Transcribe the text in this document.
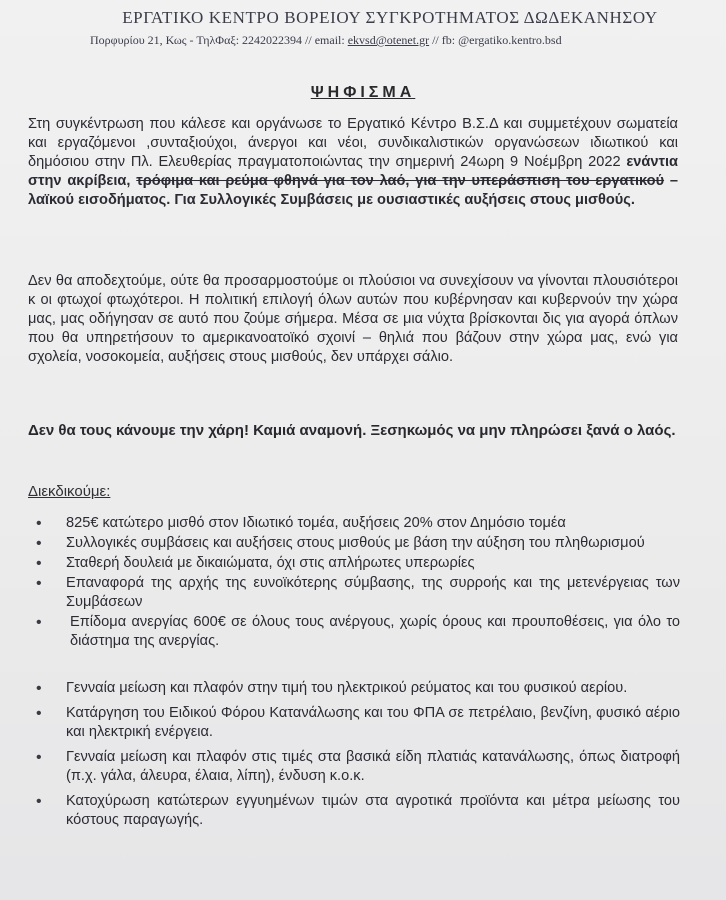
ΕΡΓΑΤΙΚΟ ΚΕΝΤΡΟ ΒΟΡΕΙΟΥ ΣΥΓΚΡΟΤΗΜΑΤΟΣ ΔΩΔΕΚΑΝΗΣΟΥ
Πορφυρίου 21, Κως - ΤηλΦαξ: 2242022394 // email: ekvsd@otenet.gr // fb: @ergatiko.kentro.bsd
ΨΗΦΙΣΜΑ
Στη συγκέντρωση που κάλεσε και οργάνωσε το Εργατικό Κέντρο Β.Σ.Δ και συμμετέχουν σωματεία και εργαζόμενοι ,συνταξιούχοι, άνεργοι και νέοι, συνδικαλιστικών οργανώσεων ιδιωτικού και δημόσιου στην Πλ. Ελευθερίας πραγματοποιώντας την σημερινή 24ωρη 9 Νοέμβρη 2022 ενάντια στην ακρίβεια, τρόφιμα και ρεύμα φθηνά για τον λαό, για την υπεράσπιση του εργατικού – λαϊκού εισοδήματος. Για Συλλογικές Συμβάσεις με ουσιαστικές αυξήσεις στους μισθούς.
Δεν θα αποδεχτούμε, ούτε θα προσαρμοστούμε οι πλούσιοι να συνεχίσουν να γίνονται πλουσιότεροι κ οι φτωχοί φτωχότεροι. Η πολιτική επιλογή όλων αυτών που κυβέρνησαν και κυβερνούν την χώρα μας, μας οδήγησαν σε αυτό που ζούμε σήμερα. Μέσα σε μια νύχτα βρίσκονται δις για αγορά όπλων που θα υπηρετήσουν το αμερικανοατοϊκό σχοινί – θηλιά που βάζουν στην χώρα μας, ενώ για σχολεία, νοσοκομεία, αυξήσεις στους μισθούς, δεν υπάρχει σάλιο.
Δεν θα τους κάνουμε την χάρη! Καμιά αναμονή. Ξεσηκωμός να μην πληρώσει ξανά ο λαός.
Διεκδικούμε:
• 825€ κατώτερο μισθό στον Ιδιωτικό τομέα, αυξήσεις 20% στον Δημόσιο τομέα
• Συλλογικές συμβάσεις και αυξήσεις στους μισθούς με βάση την αύξηση του πληθωρισμού
• Σταθερή δουλειά με δικαιώματα, όχι στις απλήρωτες υπερωρίες
• Επαναφορά της αρχής της ευνοϊκότερης σύμβασης, της συρροής και της μετενέργειας των Συμβάσεων
• Επίδομα ανεργίας 600€ σε όλους τους ανέργους, χωρίς όρους και προυποθέσεις, για όλο το διάστημα της ανεργίας.
• Γενναία μείωση και πλαφόν στην τιμή του ηλεκτρικού ρεύματος και του φυσικού αερίου.
• Κατάργηση του Ειδικού Φόρου Κατανάλωσης και του ΦΠΑ σε πετρέλαιο, βενζίνη, φυσικό αέριο και ηλεκτρική ενέργεια.
• Γενναία μείωση και πλαφόν στις τιμές στα βασικά είδη πλατιάς κατανάλωσης, όπως διατροφή (π.χ. γάλα, άλευρα, έλαια, λίπη), ένδυση κ.ο.κ.
• Κατοχύρωση κατώτερων εγγυημένων τιμών στα αγροτικά προϊόντα και μέτρα μείωσης του κόστους παραγωγής.
